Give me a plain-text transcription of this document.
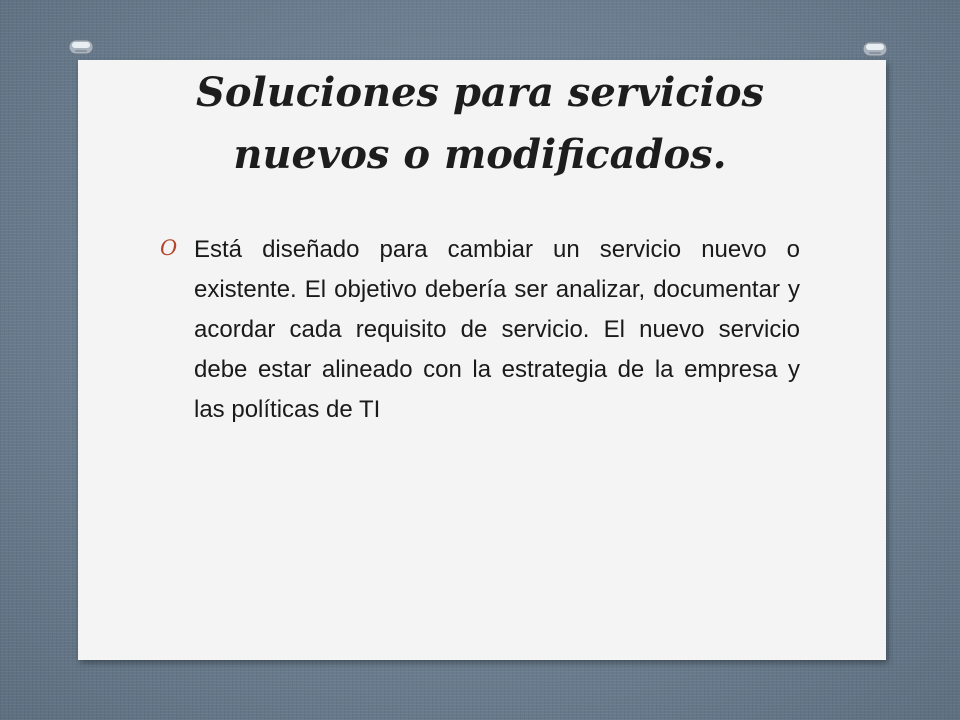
Soluciones para servicios
nuevos o modificados.
O Está diseñado para cambiar un servicio nuevo o existente. El objetivo debería ser analizar, documentar y acordar cada requisito de servicio. El nuevo servicio debe estar alineado con la estrategia de la empresa y las políticas de TI
